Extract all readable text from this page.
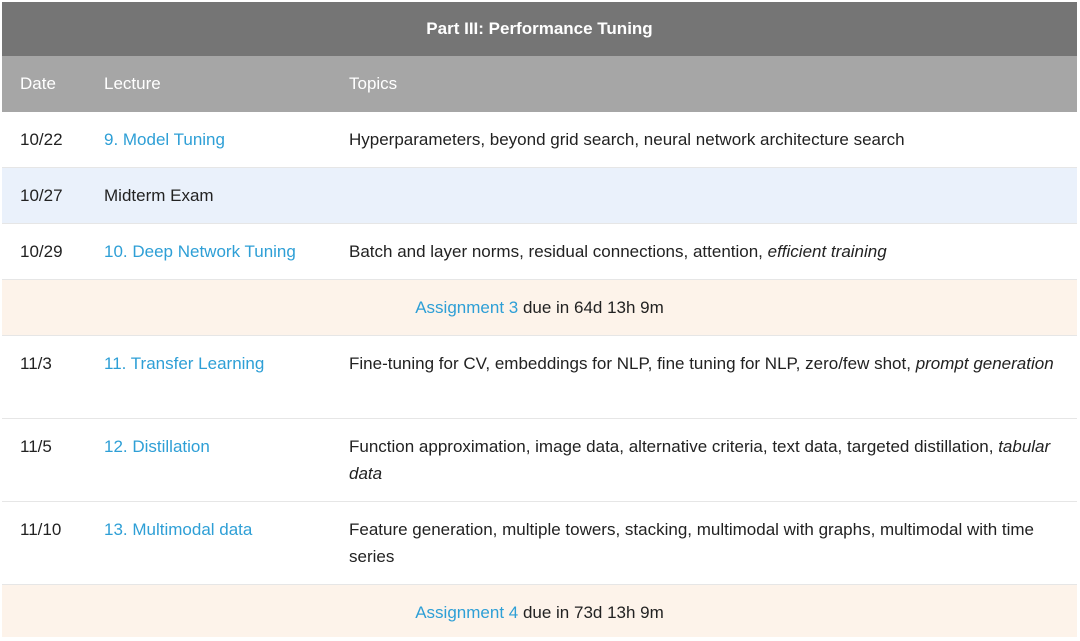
Part III: Performance Tuning
Date	Lecture	Topics
10/22 9. Model Tuning	Hyperparameters, beyond grid search, neural network architecture search
10/27 Midterm Exam
10/29 10. Deep Network Tuning	Batch and layer norms, residual connections, attention, efficient training
Assignment 3 due in 64d 13h 9m
11/3	11. Transfer Learning	Fine-tuning for CV, embeddings for NLP, fine tuning for NLP, zero/few shot, prompt generation
11/5	12. Distillation	Function approximation, image data, alternative criteria, text data, targeted distillation, tabular data
11/10	13. Multimodal data	Feature generation, multiple towers, stacking, multimodal with graphs, multimodal with time series
Assignment 4 due in 73d 13h 9m
